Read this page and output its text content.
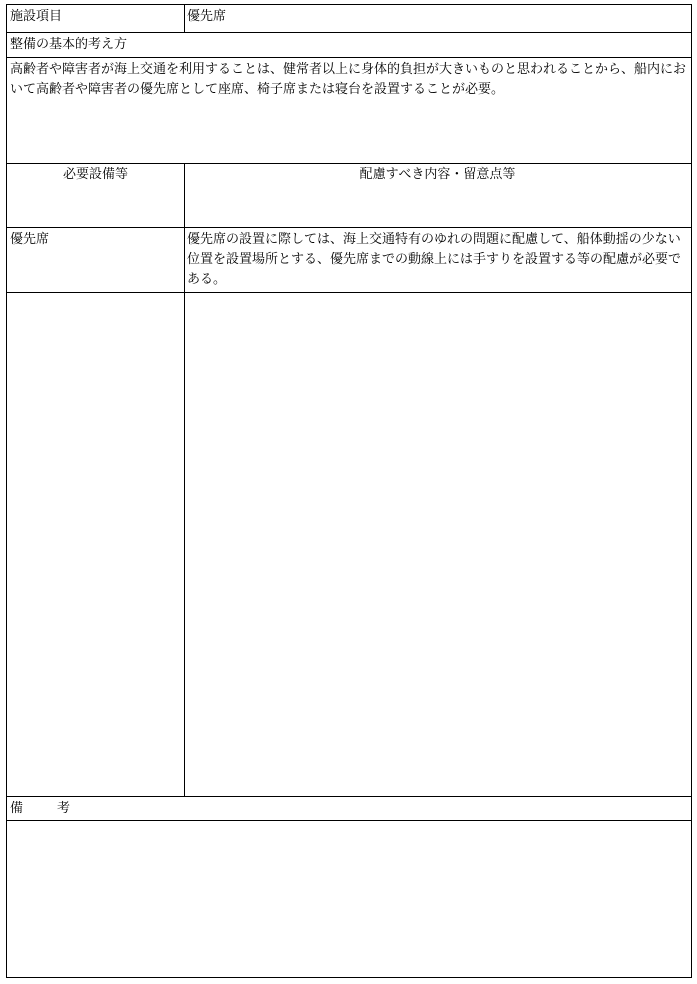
施設項目	優先席
整備の基本的考え方
高齢者や障害者が海上交通を利用することは、健常者以上に身体的負担が大きいものと思われることから、船内において高齢者や障害者の優先席として座席、椅子席または寝台を設置することが必要。
必要設備等	配慮すべき内容・留意点等
優先席	優先席の設置に際しては、海上交通特有のゆれの問題に配慮して、船体動揺の少ない位置を設置場所とする、優先席までの動線上には手すりを設置する等の配慮が必要である。
備	考
